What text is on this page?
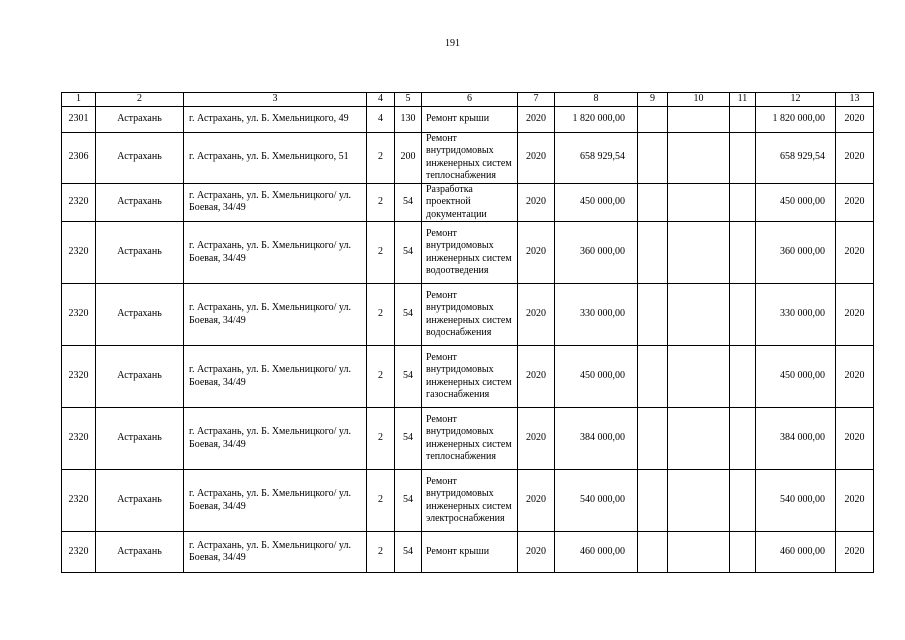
191
1	2	3	4	5	6	7	8	9	10	11	12	13
2301	Астрахань	г. Астрахань, ул. Б. Хмельницкого, 49	4	130	Ремонт крыши	2020	1 820 000,00				1 820 000,00	2020
2306	Астрахань	г. Астрахань, ул. Б. Хмельницкого, 51	2	200	Ремонт внутридомовых инженерных систем теплоснабжения	2020	658 929,54				658 929,54	2020
2320	Астрахань	г. Астрахань, ул. Б. Хмельницкого/ ул. Боевая, 34/49	2	54	Разработка проектной документации	2020	450 000,00				450 000,00	2020
2320	Астрахань	г. Астрахань, ул. Б. Хмельницкого/ ул. Боевая, 34/49	2	54	Ремонт внутридомовых инженерных систем водоотведения	2020	360 000,00				360 000,00	2020
2320	Астрахань	г. Астрахань, ул. Б. Хмельницкого/ ул. Боевая, 34/49	2	54	Ремонт внутридомовых инженерных систем водоснабжения	2020	330 000,00				330 000,00	2020
2320	Астрахань	г. Астрахань, ул. Б. Хмельницкого/ ул. Боевая, 34/49	2	54	Ремонт внутридомовых инженерных систем газоснабжения	2020	450 000,00				450 000,00	2020
2320	Астрахань	г. Астрахань, ул. Б. Хмельницкого/ ул. Боевая, 34/49	2	54	Ремонт внутридомовых инженерных систем теплоснабжения	2020	384 000,00				384 000,00	2020
2320	Астрахань	г. Астрахань, ул. Б. Хмельницкого/ ул. Боевая, 34/49	2	54	Ремонт внутридомовых инженерных систем электроснабжения	2020	540 000,00				540 000,00	2020
2320	Астрахань	г. Астрахань, ул. Б. Хмельницкого/ ул. Боевая, 34/49	2	54	Ремонт крыши	2020	460 000,00				460 000,00	2020
